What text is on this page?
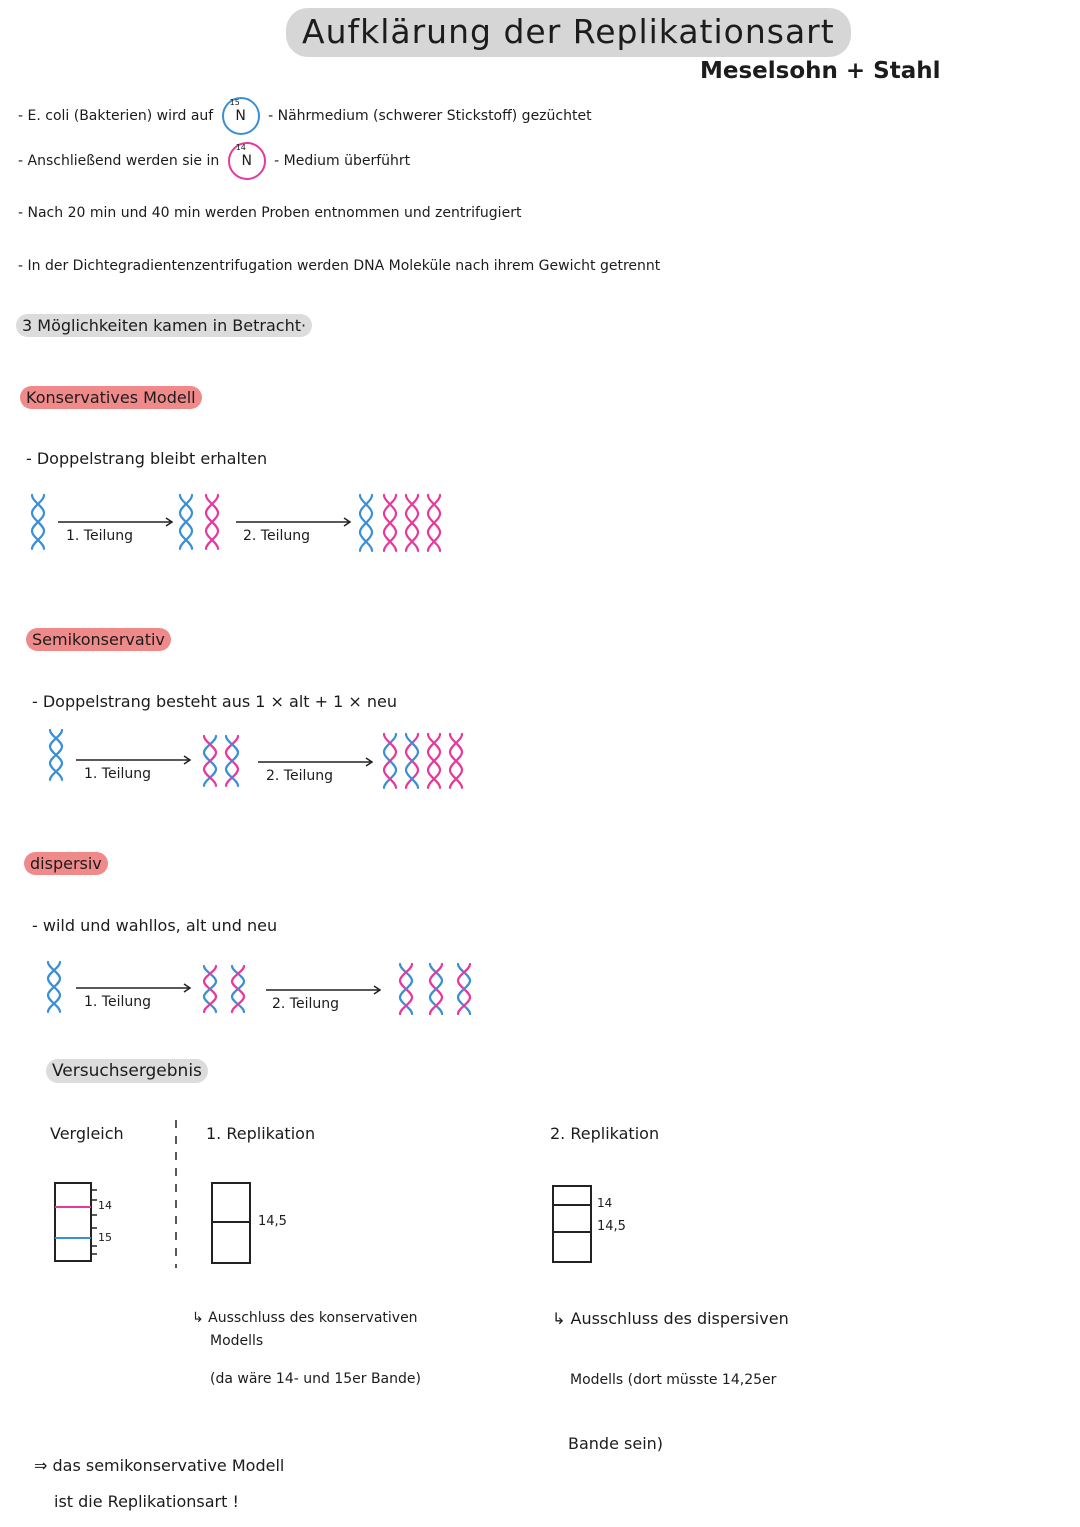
Aufklärung der Replikationsart
Meselsohn + Stahl
- E. coli (Bakterien) wird auf
15
N - Nährmedium (schwerer Stickstoff) gezüchtet
- Anschließend werden sie in
14
N - Medium überführt
- Nach 20 min und 40 min werden Proben entnommen und zentrifugiert
- In der Dichtegradientenzentrifugation werden DNA Moleküle nach ihrem Gewicht getrennt
3 Möglichkeiten kamen in Betracht·
Konservatives Modell
- Doppelstrang bleibt erhalten
1. Teilung	2. Teilung
Semikonservativ
- Doppelstrang besteht aus 1 × alt + 1 × neu
1. Teilung	2. Teilung
dispersiv
- wild und wahllos, alt und neu
1. Teilung	2. Teilung
Versuchsergebnis
Vergleich	1. Replikation	2. Replikation
14
15
14,5
14
14,5
↳ Ausschluss des konservativen
Modells
(da wäre 14- und 15er Bande)
↳ Ausschluss des dispersiven
Modells (dort müsste 14,25er
Bande sein)
⇒ das semikonservative Modell
ist die Replikationsart !
